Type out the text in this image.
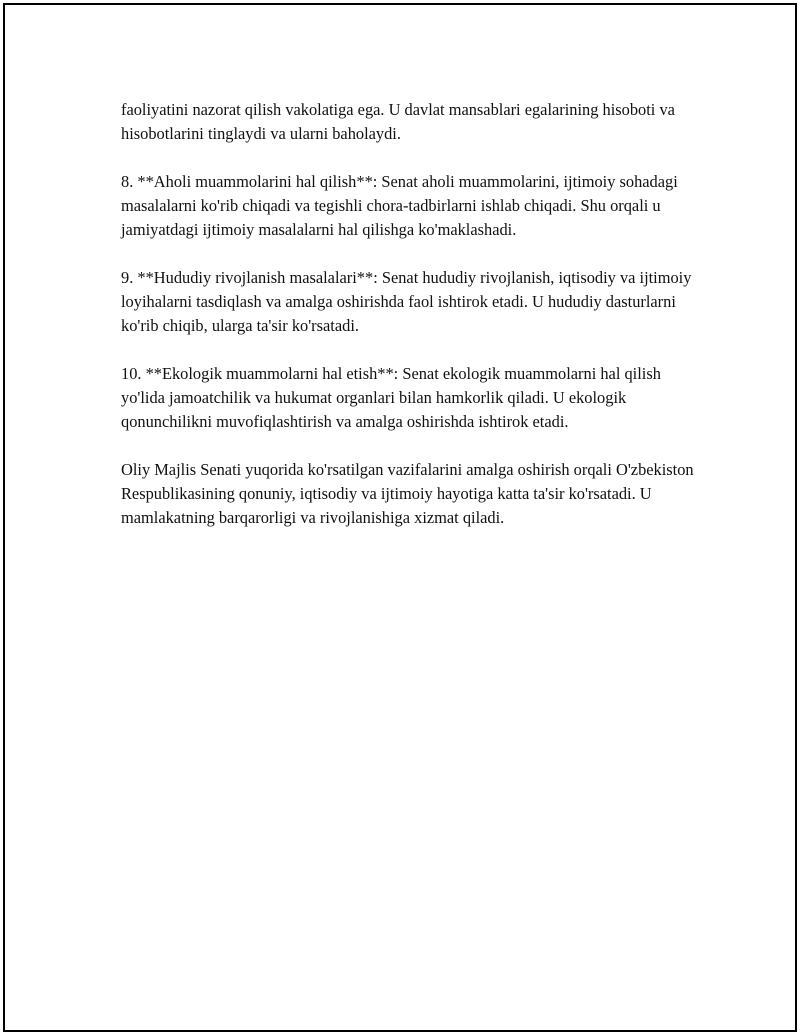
faoliyatini nazorat qilish vakolatiga ega. U davlat mansablari egalarining hisoboti va hisobotlarini tinglaydi va ularni baholaydi.

8. **Aholi muammolarini hal qilish**: Senat aholi muammolarini, ijtimoiy sohadagi masalalarni ko'rib chiqadi va tegishli chora-tadbirlarni ishlab chiqadi. Shu orqali u jamiyatdagi ijtimoiy masalalarni hal qilishga ko'maklashadi.

9. **Hududiy rivojlanish masalalari**: Senat hududiy rivojlanish, iqtisodiy va ijtimoiy loyihalarni tasdiqlash va amalga oshirishda faol ishtirok etadi. U hududiy dasturlarni ko'rib chiqib, ularga ta'sir ko'rsatadi.

10. **Ekologik muammolarni hal etish**: Senat ekologik muammolarni hal qilish yo'lida jamoatchilik va hukumat organlari bilan hamkorlik qiladi. U ekologik qonunchilikni muvofiqlashtirish va amalga oshirishda ishtirok etadi.

Oliy Majlis Senati yuqorida ko'rsatilgan vazifalarini amalga oshirish orqali O'zbekiston Respublikasining qonuniy, iqtisodiy va ijtimoiy hayotiga katta ta'sir ko'rsatadi. U mamlakatning barqarorligi va rivojlanishiga xizmat qiladi.
